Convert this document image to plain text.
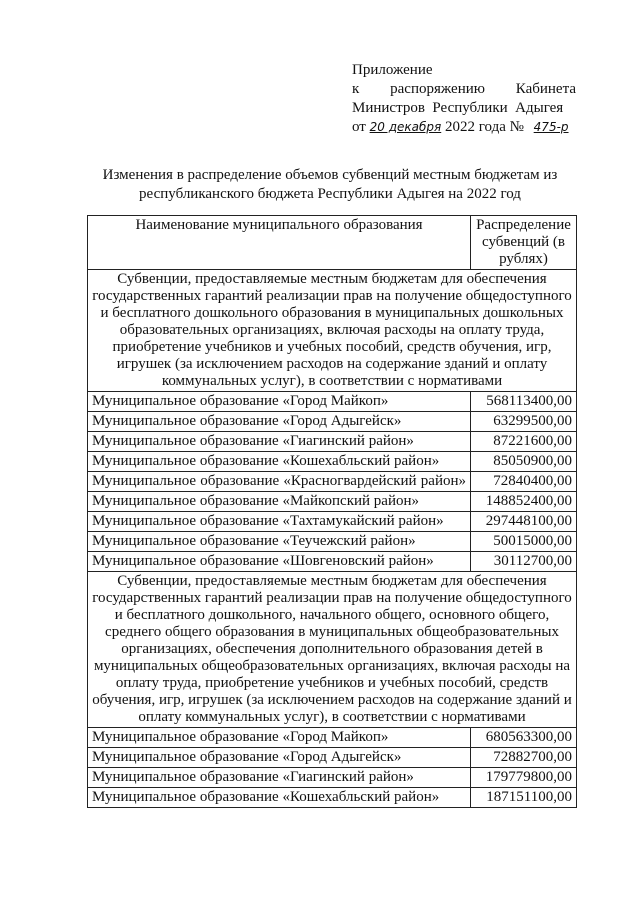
Приложение
к распоряжению Кабинета
Министров  Республики  Адыгея
от 20 декабря 2022 года № 475-р
Изменения в распределение объемов субвенций местным бюджетам из республиканского бюджета Республики Адыгея на 2022 год
Наименование муниципального образования	Распределение субвенций (в рублях)
Субвенции, предоставляемые местным бюджетам для обеспечения государственных гарантий реализации прав на получение общедоступного и бесплатного дошкольного образования в муниципальных дошкольных образовательных организациях, включая расходы на оплату труда, приобретение учебников и учебных пособий, средств обучения, игр, игрушек (за исключением расходов на содержание зданий и оплату коммунальных услуг), в соответствии с нормативами	
Муниципальное образование «Город Майкоп»	568113400,00
Муниципальное образование «Город Адыгейск»	63299500,00
Муниципальное образование «Гиагинский район»	87221600,00
Муниципальное образование «Кошехабльский район»	85050900,00
Муниципальное образование «Красногвардейский район»	72840400,00
Муниципальное образование «Майкопский район»	148852400,00
Муниципальное образование «Тахтамукайский район»	297448100,00
Муниципальное образование «Теучежский район»	50015000,00
Муниципальное образование «Шовгеновский район»	30112700,00
Субвенции, предоставляемые местным бюджетам для обеспечения государственных гарантий реализации прав на получение общедоступного и бесплатного дошкольного, начального общего, основного общего, среднего общего образования в муниципальных общеобразовательных организациях, обеспечения дополнительного образования детей в муниципальных общеобразовательных организациях, включая расходы на оплату труда, приобретение учебников и учебных пособий, средств обучения, игр, игрушек (за исключением расходов на содержание зданий и оплату коммунальных услуг), в соответствии с нормативами	
Муниципальное образование «Город Майкоп»	680563300,00
Муниципальное образование «Город Адыгейск»	72882700,00
Муниципальное образование «Гиагинский район»	179779800,00
Муниципальное образование «Кошехабльский район»	187151100,00
